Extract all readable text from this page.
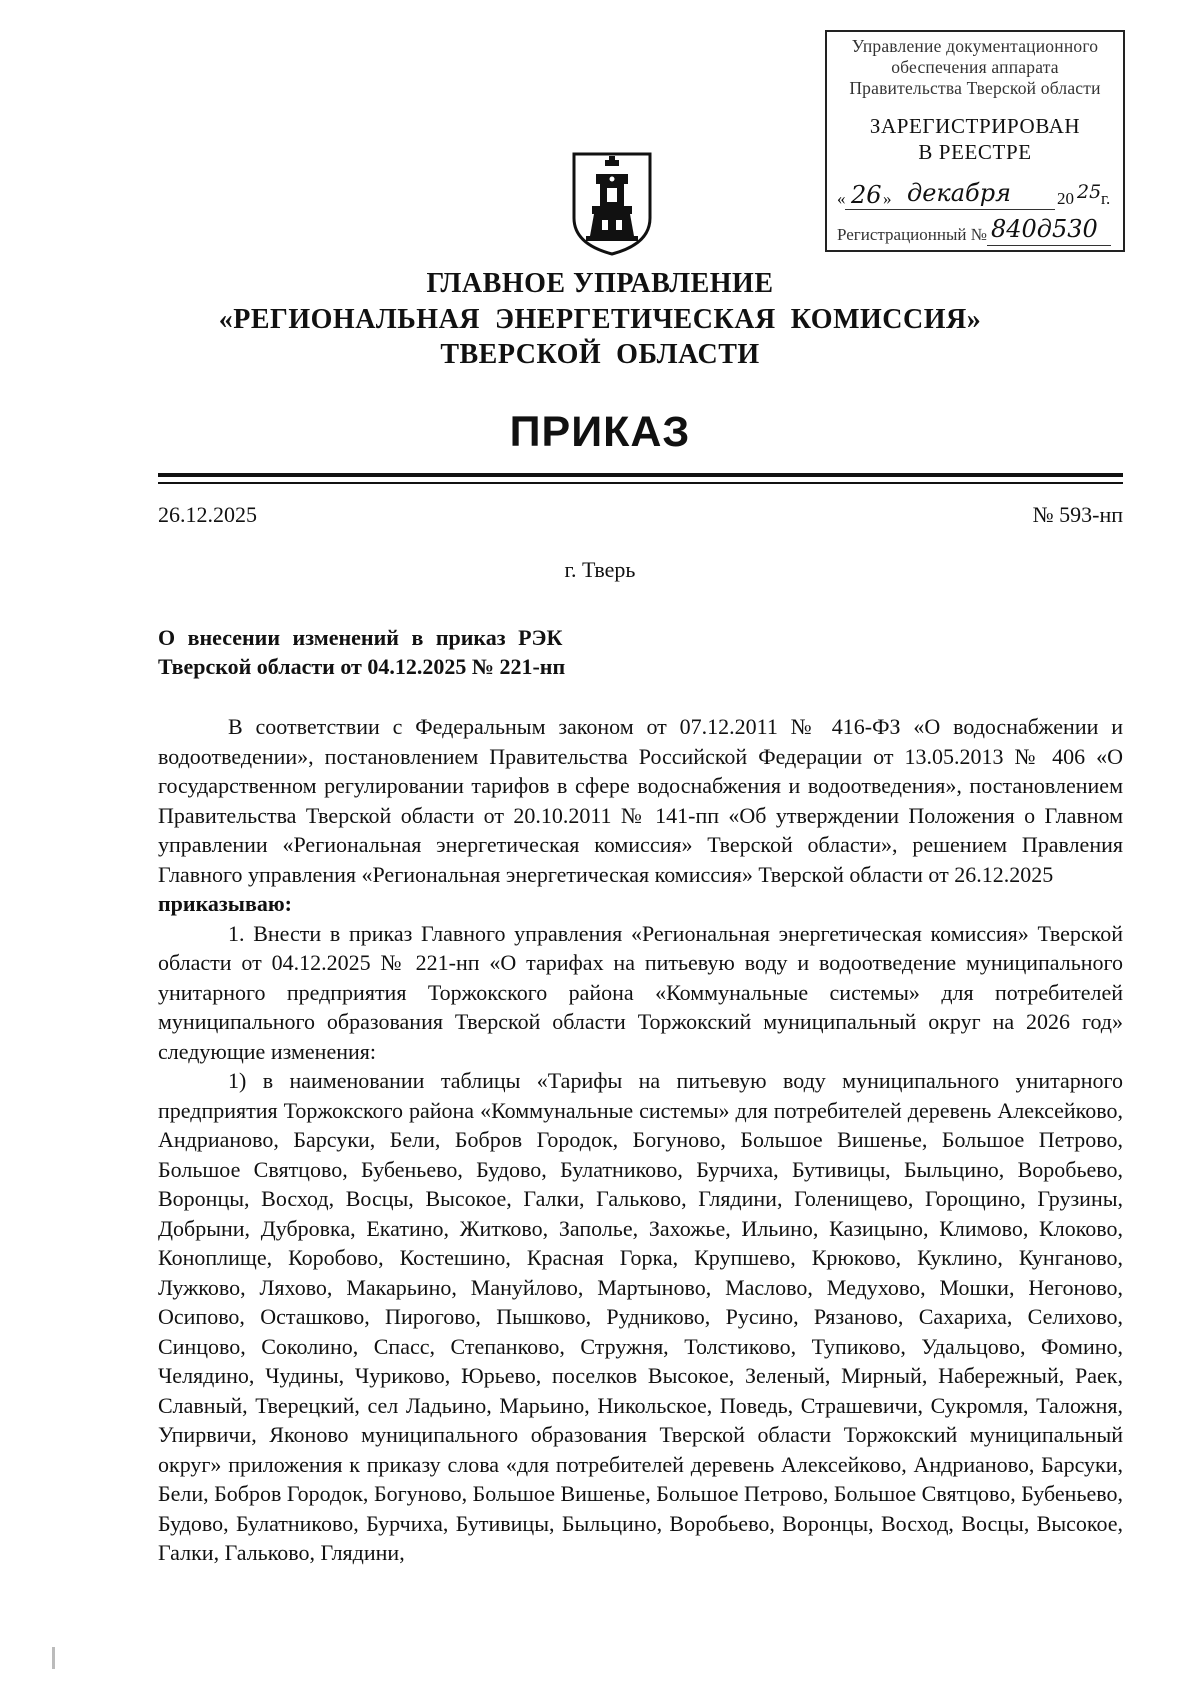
Управление документационного
обеспечения аппарата
Правительства Тверской области
ЗАРЕГИСТРИРОВАН
В РЕЕСТРЕ
« 26 » декабря	20 25 г.
Регистрационный № 840д530
ГЛАВНОЕ УПРАВЛЕНИЕ
«РЕГИОНАЛЬНАЯ  ЭНЕРГЕТИЧЕСКАЯ  КОМИССИЯ»
ТВЕРСКОЙ  ОБЛАСТИ
ПРИКАЗ
26.12.2025	№ 593-нп
г. Тверь
О внесении изменений в приказ РЭК
Тверской области от 04.12.2025 № 221-нп

В соответствии с Федеральным законом от 07.12.2011 № 416-ФЗ «О водоснабжении и водоотведении», постановлением Правительства Российской Федерации от 13.05.2013 № 406 «О государственном регулировании тарифов в сфере водоснабжения и водоотведения», постановлением Правительства Тверской области от 20.10.2011 № 141-пп «Об утверждении Положения о Главном управлении «Региональная энергетическая комиссия» Тверской области», решением Правления Главного управления «Региональная энергетическая комиссия» Тверской области от 26.12.2025

приказываю:

1. Внести в приказ Главного управления «Региональная энергетическая комиссия» Тверской области от 04.12.2025 № 221-нп «О тарифах на питьевую воду и водоотведение муниципального унитарного предприятия Торжокского района «Коммунальные системы» для потребителей муниципального образования Тверской области Торжокский муниципальный округ на 2026 год» следующие изменения:

1) в наименовании таблицы «Тарифы на питьевую воду муниципального унитарного предприятия Торжокского района «Коммунальные системы» для потребителей деревень Алексейково, Андрианово, Барсуки, Бели, Бобров Городок, Богуново, Большое Вишенье, Большое Петрово, Большое Святцово, Бубеньево, Будово, Булатниково, Бурчиха, Бутивицы, Быльцино, Воробьево, Воронцы, Восход, Восцы, Высокое, Галки, Гальково, Глядини, Голенищево, Горощино, Грузины, Добрыни, Дубровка, Екатино, Житково, Заполье, Захожье, Ильино, Казицыно, Климово, Клоково, Коноплище, Коробово, Костешино, Красная Горка, Крупшево, Крюково, Куклино, Кунганово, Лужково, Ляхово, Макарьино, Мануйлово, Мартыново, Маслово, Медухово, Мошки, Негоново, Осипово, Осташково, Пирогово, Пышково, Рудниково, Русино, Рязаново, Сахариха, Селихово, Синцово, Соколино, Спасс, Степанково, Стружня, Толстиково, Тупиково, Удальцово, Фомино, Челядино, Чудины, Чуриково, Юрьево, поселков Высокое, Зеленый, Мирный, Набережный, Раек, Славный, Тверецкий, сел Ладьино, Марьино, Никольское, Поведь, Страшевичи, Сукромля, Таложня, Упирвичи, Яконово муниципального образования Тверской области Торжокский муниципальный округ» приложения к приказу слова «для потребителей деревень Алексейково, Андрианово, Барсуки, Бели, Бобров Городок, Богуново, Большое Вишенье, Большое Петрово, Большое Святцово, Бубеньево, Будово, Булатниково, Бурчиха, Бутивицы, Быльцино, Воробьево, Воронцы, Восход, Восцы, Высокое, Галки, Гальково, Глядини,
